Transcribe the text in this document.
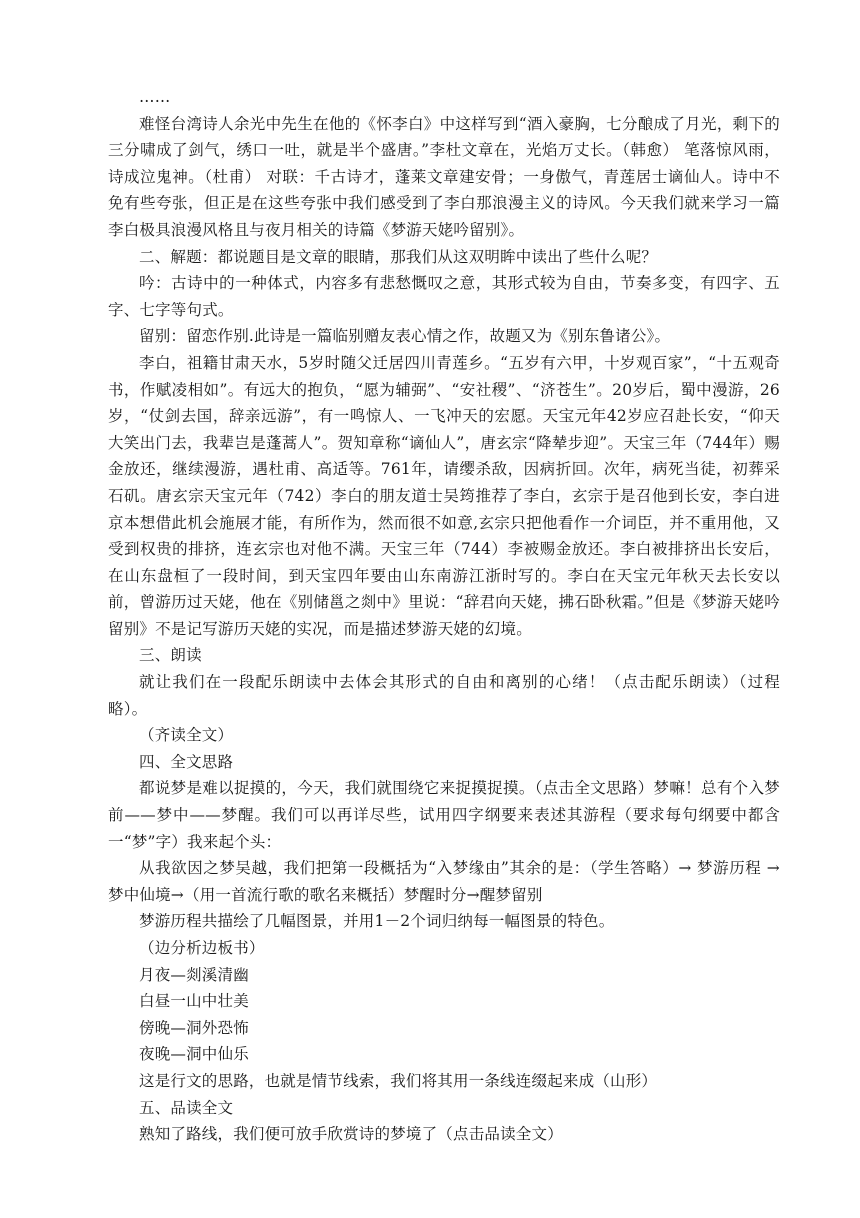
……

难怪台湾诗人余光中先生在他的《怀李白》中这样写到“酒入豪胸，七分酿成了月光，剩下的三分啸成了剑气，绣口一吐，就是半个盛唐。”李杜文章在，光焰万丈长。（韩愈） 笔落惊风雨，诗成泣鬼神。（杜甫） 对联：千古诗才，蓬莱文章建安骨；一身傲气，青莲居士谪仙人。诗中不免有些夸张，但正是在这些夸张中我们感受到了李白那浪漫主义的诗风。今天我们就来学习一篇李白极具浪漫风格且与夜月相关的诗篇《梦游天姥吟留别》。

二、解题：都说题目是文章的眼睛，那我们从这双明眸中读出了些什么呢？

吟：古诗中的一种体式，内容多有悲愁慨叹之意，其形式较为自由，节奏多变，有四字、五字、七字等句式。

留别：留恋作别.此诗是一篇临别赠友表心情之作，故题又为《别东鲁诸公》。

李白，祖籍甘肃天水，5岁时随父迁居四川青莲乡。“五岁有六甲，十岁观百家”，“十五观奇书，作赋凌相如”。有远大的抱负，“愿为辅弼”、“安社稷”、“济苍生”。20岁后，蜀中漫游，26岁，“仗剑去国，辞亲远游”，有一鸣惊人、一飞冲天的宏愿。天宝元年42岁应召赴长安，“仰天大笑出门去，我辈岂是蓬蒿人”。贺知章称“谪仙人”，唐玄宗“降辇步迎”。天宝三年（744年）赐金放还，继续漫游，遇杜甫、高适等。761年，请缨杀敌，因病折回。次年，病死当徒，初葬采石矶。唐玄宗天宝元年（742）李白的朋友道士吴筠推荐了李白，玄宗于是召他到长安，李白进京本想借此机会施展才能，有所作为，然而很不如意,玄宗只把他看作一介词臣，并不重用他，又受到权贵的排挤，连玄宗也对他不满。天宝三年（744）李被赐金放还。李白被排挤出长安后，在山东盘桓了一段时间，到天宝四年要由山东南游江浙时写的。李白在天宝元年秋天去长安以前，曾游历过天姥，他在《别储邕之剡中》里说：“辞君向天姥，拂石卧秋霜。”但是《梦游天姥吟留别》不是记写游历天姥的实况，而是描述梦游天姥的幻境。

三、朗读

就让我们在一段配乐朗读中去体会其形式的自由和离别的心绪！（点击配乐朗读）（过程略）。

（齐读全文）

四、全文思路

都说梦是难以捉摸的，今天，我们就围绕它来捉摸捉摸。（点击全文思路）梦嘛！总有个入梦前——梦中——梦醒。我们可以再详尽些，试用四字纲要来表述其游程（要求每句纲要中都含一“梦”字）我来起个头：

从我欲因之梦吴越，我们把第一段概括为“入梦缘由”其余的是：（学生答略）→ 梦游历程 →梦中仙境→（用一首流行歌的歌名来概括）梦醒时分→醒梦留别

梦游历程共描绘了几幅图景，并用1－2个词归纳每一幅图景的特色。

（边分析边板书）

月夜—剡溪清幽

白昼一山中壮美

傍晚—洞外恐怖

夜晚—洞中仙乐

这是行文的思路，也就是情节线索，我们将其用一条线连缀起来成（山形）

五、品读全文

熟知了路线，我们便可放手欣赏诗的梦境了（点击品读全文）
